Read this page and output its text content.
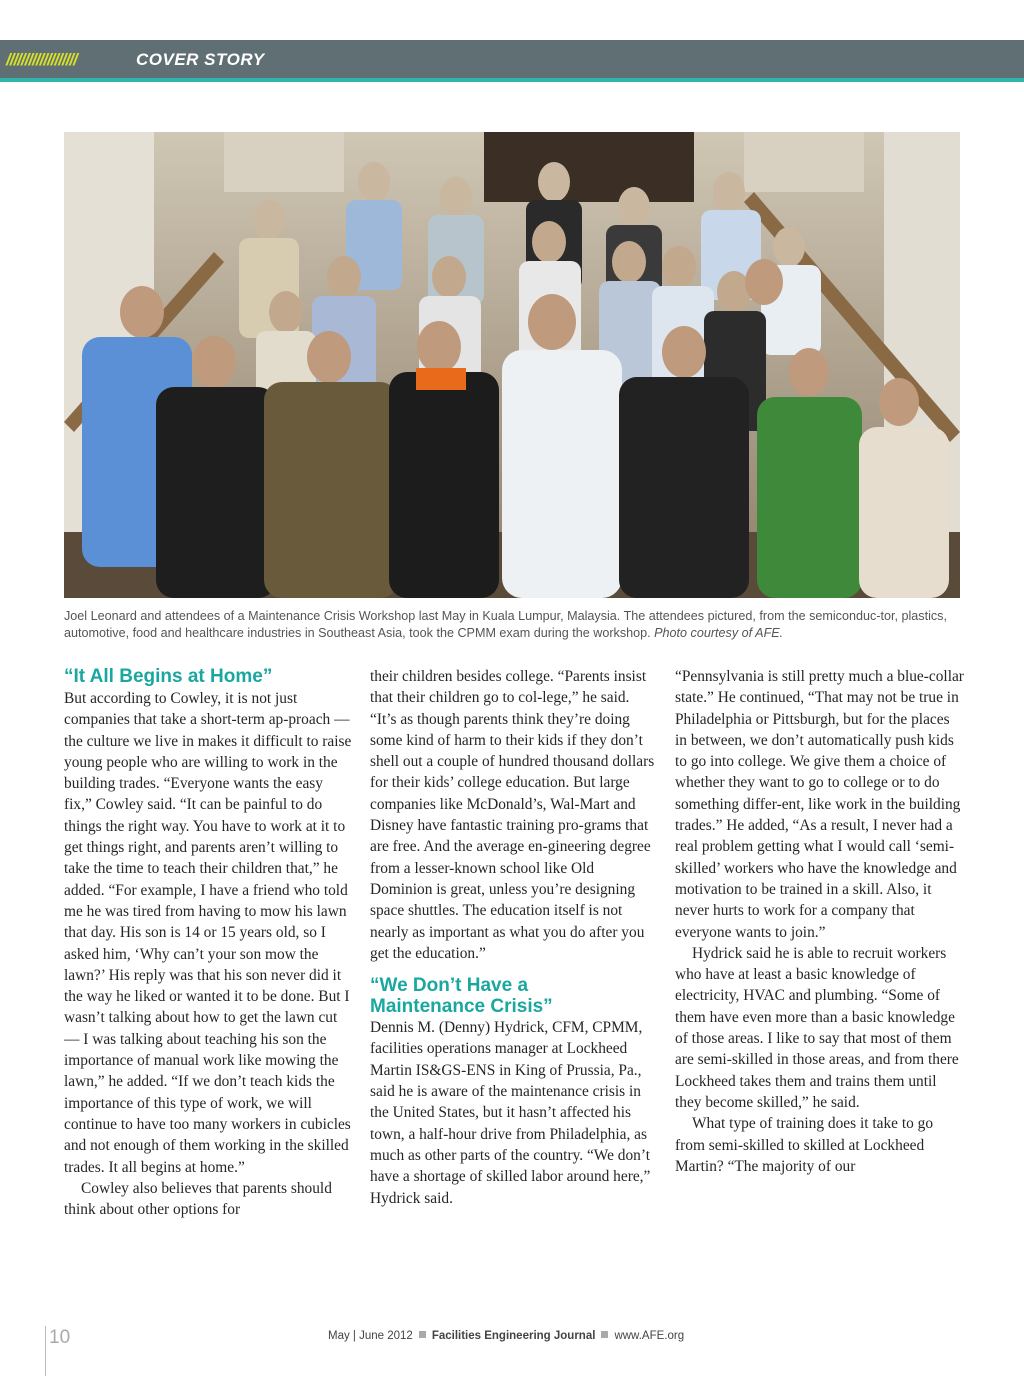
///////////////////	COVER STORY
Joel Leonard and attendees of a Maintenance Crisis Workshop last May in Kuala Lumpur, Malaysia. The attendees pictured, from the semiconduc-tor, plastics, automotive, food and healthcare industries in Southeast Asia, took the CPMM exam during the workshop. Photo courtesy of AFE.
“It All Begins at Home”

But according to Cowley, it is not just companies that take a short-term ap-proach — the culture we live in makes it difficult to raise young people who are willing to work in the building trades. “Everyone wants the easy fix,” Cowley said. “It can be painful to do things the right way. You have to work at it to get things right, and parents aren’t willing to take the time to teach their children that,” he added. “For example, I have a friend who told me he was tired from having to mow his lawn that day. His son is 14 or 15 years old, so I asked him, ‘Why can’t your son mow the lawn?’ His reply was that his son never did it the way he liked or wanted it to be done. But I wasn’t talking about how to get the lawn cut — I was talking about teaching his son the importance of manual work like mowing the lawn,” he added. “If we don’t teach kids the importance of this type of work, we will continue to have too many workers in cubicles and not enough of them working in the skilled trades. It all begins at home.”

Cowley also believes that parents should think about other options for

their children besides college. “Parents insist that their children go to col-lege,” he said. “It’s as though parents think they’re doing some kind of harm to their kids if they don’t shell out a couple of hundred thousand dollars for their kids’ college education. But large companies like McDonald’s, Wal-Mart and Disney have fantastic training pro-grams that are free. And the average en-gineering degree from a lesser-known school like Old Dominion is great, unless you’re designing space shuttles. The education itself is not nearly as important as what you do after you get the education.”

“We Don’t Have a
Maintenance Crisis”

Dennis M. (Denny) Hydrick, CFM, CPMM, facilities operations manager at Lockheed Martin IS&GS-ENS in King of Prussia, Pa., said he is aware of the maintenance crisis in the United States, but it hasn’t affected his town, a half-hour drive from Philadelphia, as much as other parts of the country. “We don’t have a shortage of skilled labor around here,” Hydrick said.

“Pennsylvania is still pretty much a blue-collar state.” He continued, “That may not be true in Philadelphia or Pittsburgh, but for the places in between, we don’t automatically push kids to go into college. We give them a choice of whether they want to go to college or to do something differ-ent, like work in the building trades.” He added, “As a result, I never had a real problem getting what I would call ‘semi-skilled’ workers who have the knowledge and motivation to be trained in a skill. Also, it never hurts to work for a company that everyone wants to join.”

Hydrick said he is able to recruit workers who have at least a basic knowledge of electricity, HVAC and plumbing. “Some of them have even more than a basic knowledge of those areas. I like to say that most of them are semi-skilled in those areas, and from there Lockheed takes them and trains them until they become skilled,” he said.

What type of training does it take to go from semi-skilled to skilled at Lockheed Martin? “The majority of our

10	May | June 2012 Facilities Engineering Journal www.AFE.org
